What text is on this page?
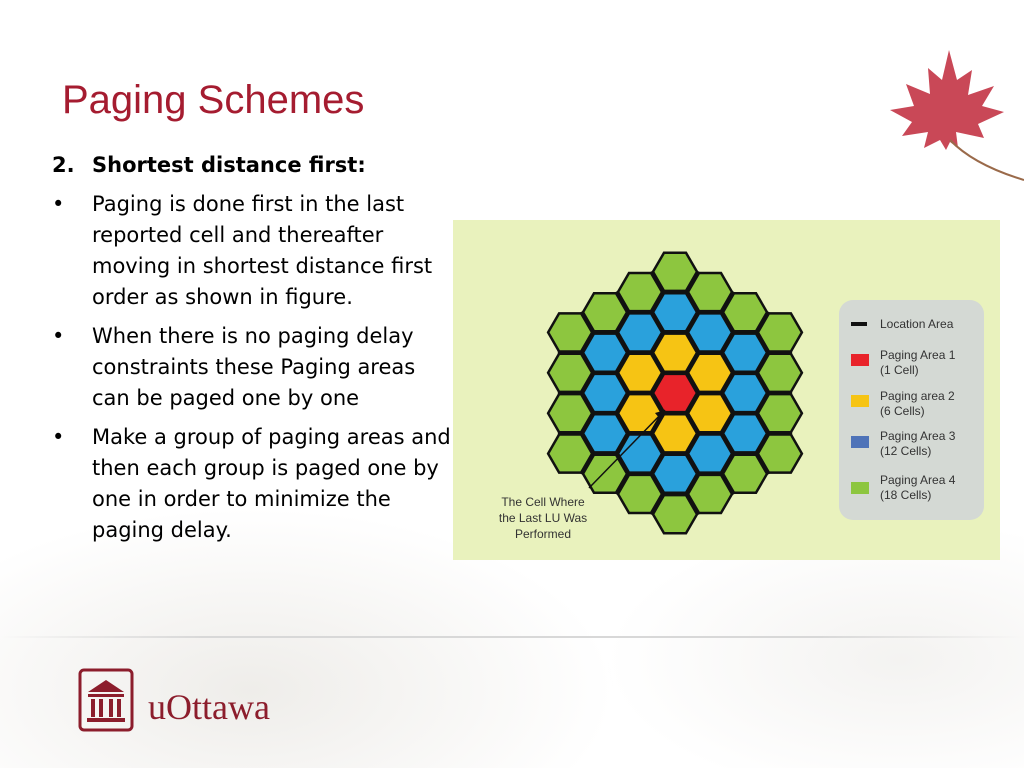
Paging Schemes
2. Shortest distance first:
•	Paging is done first in the last reported cell and thereafter moving in shortest distance first order as shown in figure.
•	When there is no paging delay constraints these Paging areas can be paged one by one
•	Make a group of paging areas and then each group is paged one by one in order to minimize the paging delay.
The Cell Where
the Last LU Was
Performed
Location Area
Paging Area 1
(1 Cell)
Paging area 2
(6 Cells)
Paging Area 3
(12 Cells)
Paging Area 4
(18 Cells)
uOttawa
